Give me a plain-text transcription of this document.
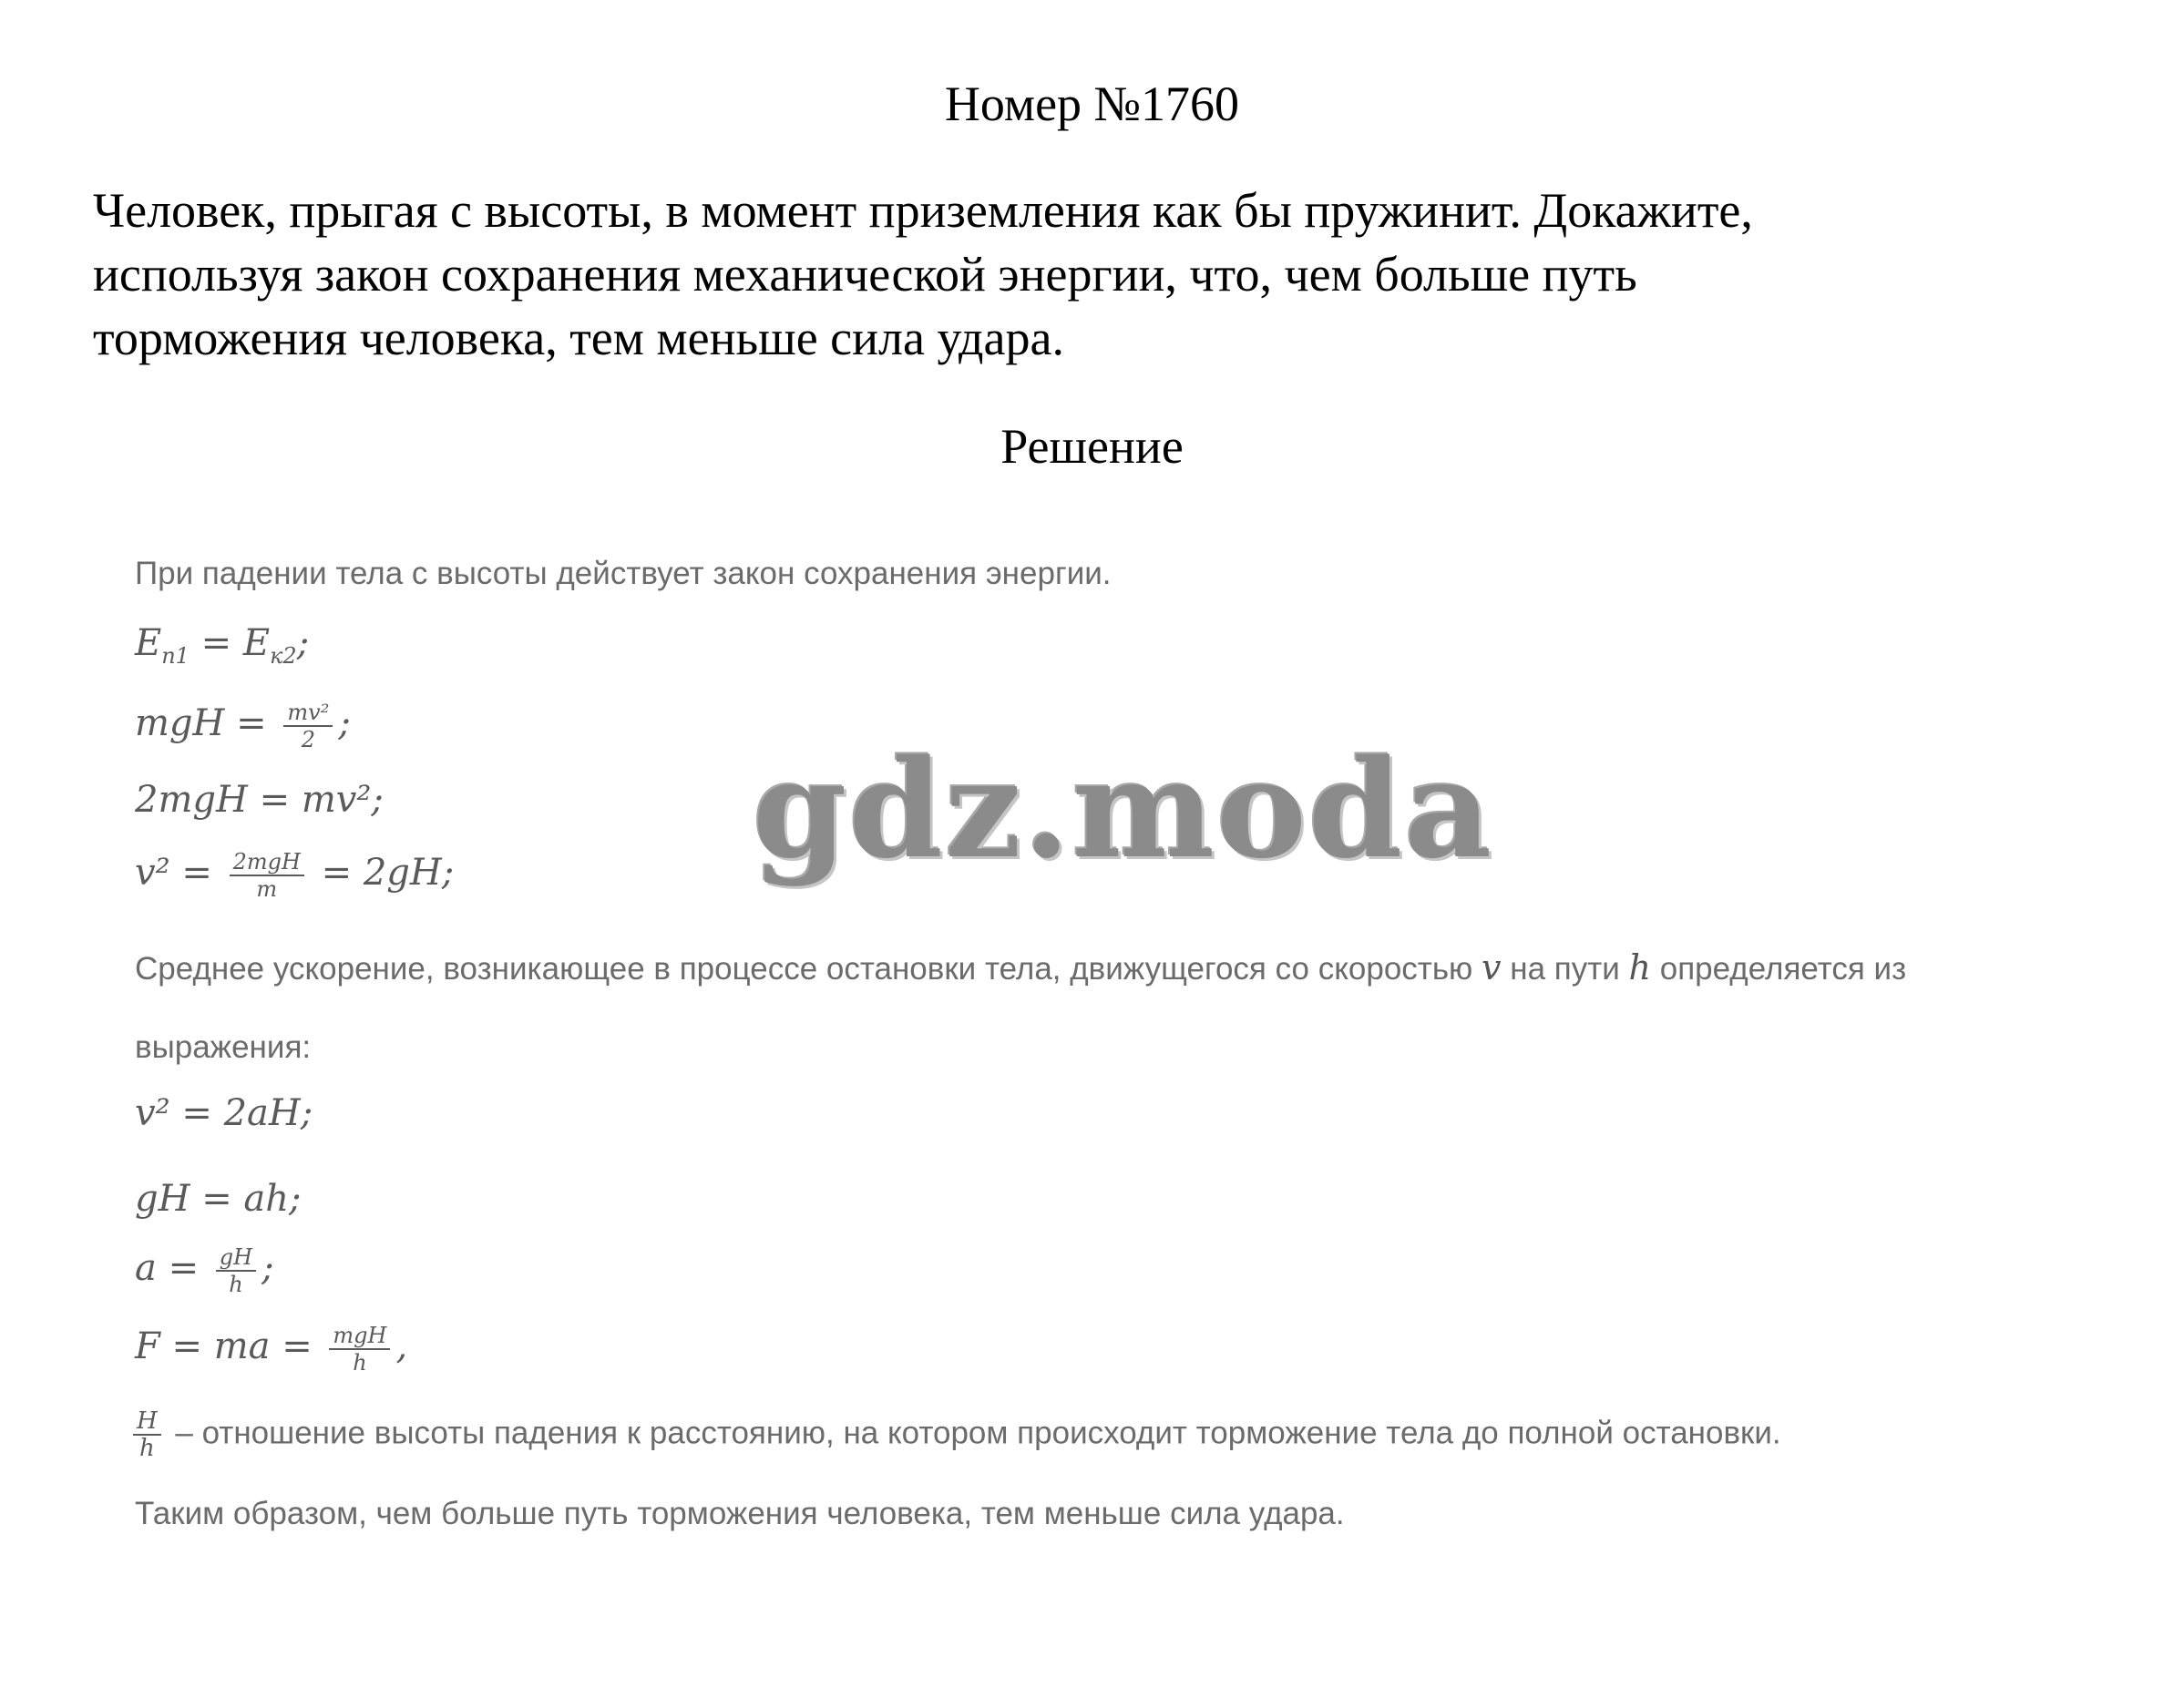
Номер №1760
Человек, прыгая с высоты, в момент приземления как бы пружинит. Докажите,
используя закон сохранения механической энергии, что, чем больше путь
торможения человека, тем меньше сила удара.
Решение
При падении тела с высоты действует закон сохранения энергии.
$E_{п1} = E_{к2}$;
mgH = $\frac{\text{mv²}}{2}$ ;
2mgH = mv²;
$v^2 = \frac{\text{2mgH}}{m} = 2gH$;
Среднее ускорение, возникающее в процессе остановки тела, движущегося со скоростью v на пути h определяется из
выражения:
v² = 2aH;
gH = ah;
$a = \frac{gH}{h}$ ;
F = ma = $\frac{\text{mgH}}{h}$ ,
$\frac{H}{h}$ – отношение высоты падения к расстоянию, на котором происходит торможение тела до полной остановки.
Таким образом, чем больше путь торможения человека, тем меньше сила удара.
gdz.moda
